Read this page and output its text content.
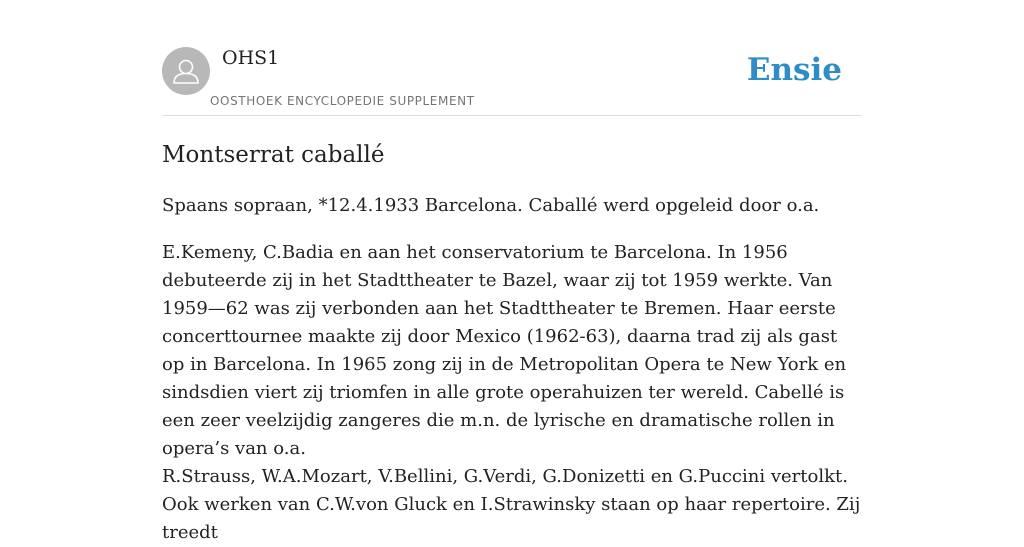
OHS1
OOSTHOEK ENCYCLOPEDIE SUPPLEMENT
Ensie
Montserrat caballé

Spaans sopraan, *12.4.1933 Barcelona. Caballé werd opgeleid door o.a.

E.Kemeny, C.Badia en aan het conservatorium te Barcelona. In 1956 debuteerde zij in het Stadttheater te Bazel, waar zij tot 1959 werkte. Van 1959—62 was zij verbonden aan het Stadttheater te Bremen. Haar eerste concerttournee maakte zij door Mexico (1962-63), daarna trad zij als gast op in Barcelona. In 1965 zong zij in de Metropolitan Opera te New York en sindsdien viert zij triomfen in alle grote operahuizen ter wereld. Cabellé is een zeer veelzijdig zangeres die m.n. de lyrische en dramatische rollen in opera’s van o.a.

R.Strauss, W.A.Mozart, V.Bellini, G.Verdi, G.Donizetti en G.Puccini vertolkt. Ook werken van C.W.von Gluck en I.Strawinsky staan op haar repertoire. Zij treedt
